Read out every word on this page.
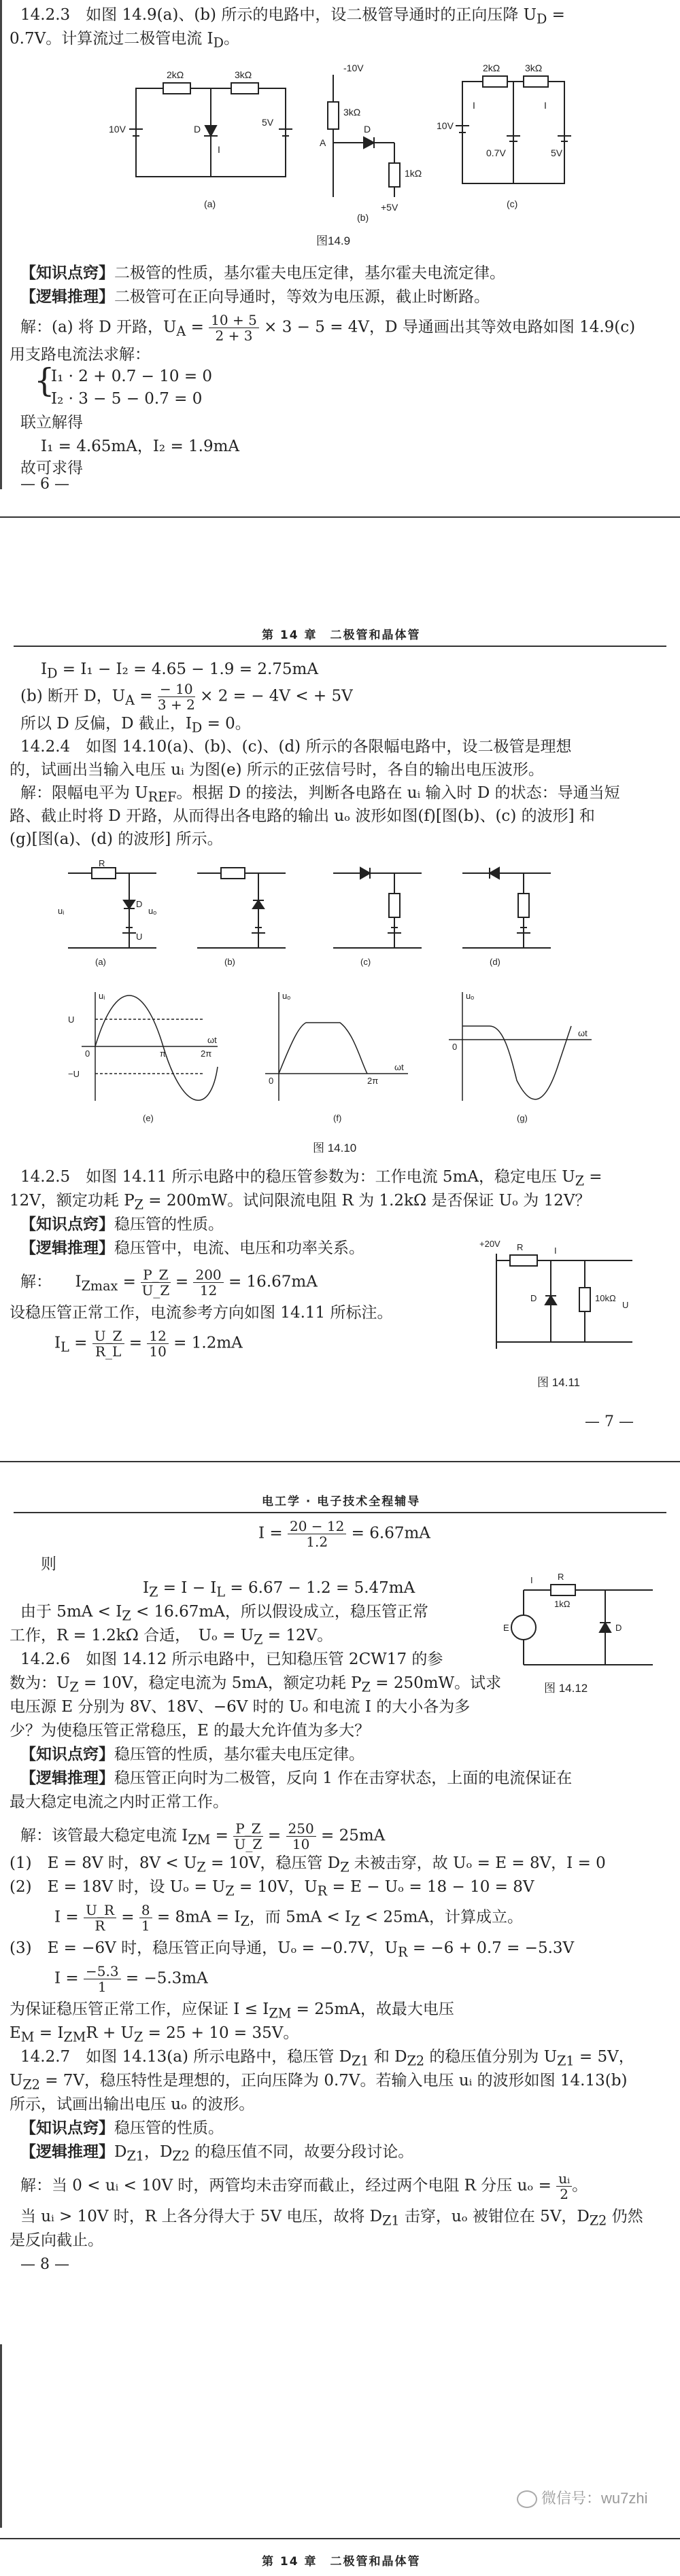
14.2.3　如图 14.9(a)、(b) 所示的电路中，设二极管导通时的正向压降 $U_D$ =
0.7V。计算流过二极管电流 $I_D$。
2kΩ	3kΩ
10V
5V
D
I
(a)
-10V
3kΩ
A
D
1kΩ
+5V
(b)
2kΩ	3kΩ
10V
0.7V	5V
I	I
(c)
图14.9
【知识点窍】二极管的性质，基尔霍夫电压定律，基尔霍夫电流定律。
【逻辑推理】二极管可在正向导通时，等效为电压源，截止时断路。
解：(a) 将 D 开路，$U_A = \frac{10 + 5}{2 + 3} \times 3 - 5 = 4V$，D 导通画出其等效电路如图 14.9(c)
用支路电流法求解：
{
I₁ · 2 + 0.7 − 10 = 0
I₂ · 3 − 5 − 0.7 = 0
联立解得
I₁ = 4.65mA，I₂ = 1.9mA
故可求得
— 6 —
第 14 章　二极管和晶体管
$I_D = I_1 - I_2 = 4.65 - 1.9 = 2.75mA$
(b) 断开 D，$U_A = \frac{- 10}{3 + 2} \times 2$ = − 4V < + 5V
所以 D 反偏，D 截止，$I_D = 0$。
14.2.4　如图 14.10(a)、(b)、(c)、(d) 所示的各限幅电路中，设二极管是理想
的，试画出当输入电压 uᵢ 为图(e) 所示的正弦信号时，各自的输出电压波形。
解：限幅电平为 $U_{REF}$。根据 D 的接法，判断各电路在 uᵢ 输入时 D 的状态：导通当短
路、截止时将 D 开路，从而得出各电路的输出 uₒ 波形如图(f)[图(b)、(c) 的波形] 和
(g)[图(a)、(d) 的波形] 所示。
R
D
uᵢ	uₒ
(a)	(b)	(c)	(d)
U
uᵢ
U
−U
0	π	2π
ωt
(e)
uₒ
0	2π
ωt
(f)
uₒ
0
ωt
(g)
图 14.10
14.2.5　如图 14.11 所示电路中的稳压管参数为：工作电流 5mA，稳定电压 $U_Z$ =
12V，额定功耗 $P_Z = 200mW$。试问限流电阻 R 为 1.2kΩ 是否保证 Uₒ 为 12V？
【知识点窍】稳压管的性质。
【逻辑推理】稳压管中，电流、电压和功率关系。
解：　　 $I_{Zmax} = \frac{P\_Z}{U\_Z} = \frac{200}{12} = 16.67mA$
设稳压管正常工作，电流参考方向如图 14.11 所标注。
$I_L = \frac{U\_Z}{R\_L} = \frac{12}{10} = 1.2mA$
+20V R	I
D	10kΩ
U
图 14.11
— 7 —
电工学 · 电子技术全程辅导
$I = \frac{20 - 12}{1.2} = 6.67mA$
则
$I_Z = I - I_L = 6.67 - 1.2 = 5.47mA$
由于 $5mA < I_Z < 16.67mA$，所以假设成立，稳压管正常
工作，R = 1.2kΩ 合适，　$U_o = U_Z = 12V$。
I	R
1kΩ
E	D
图 14.12
14.2.6　如图 14.12 所示电路中，已知稳压管 2CW17 的参
数为：$U_Z = 10V$，稳定电流为 5mA，额定功耗 $P_Z = 250mW$。试求
电压源 E 分别为 8V、18V、−6V 时的 Uₒ 和电流 I 的大小各为多
少？为使稳压管正常稳压，E 的最大允许值为多大？
【知识点窍】稳压管的性质，基尔霍夫电压定律。
【逻辑推理】稳压管正向时为二极管，反向 1 作在击穿状态，上面的电流保证在
最大稳定电流之内时正常工作。
解：该管最大稳定电流 $I_{ZM} = \frac{P\_Z}{U\_Z} = \frac{250}{10} = 25mA$
(1)　E = 8V 时，$8V < U_Z = 10V$，稳压管 $D_Z$ 未被击穿，故 Uₒ = E = 8V，I = 0
(2)　E = 18V 时，设 $U_o = U_Z = 10V$，$U_R = E - U_o = 18 - 10 = 8V$
$I = \frac{U\_R}{R} = \frac{8}{1} = 8mA = I_Z$，而 $5mA < I_Z < 25mA$，计算成立。
(3)　E = −6V 时，稳压管正向导通，Uₒ = −0.7V，$U_R = -6 + 0.7 = -5.3V$
$I = \frac{-5.3}{1} = -5.3mA$
为保证稳压管正常工作，应保证 $I \le I_{ZM} = 25mA$，故最大电压
$E_M = I_{ZM}R + U_Z = 25 + 10 = 35V$。
14.2.7　如图 14.13(a) 所示电路中，稳压管 $D_{Z1}$ 和 $D_{Z2}$ 的稳压值分别为 $U_{Z1} = 5V$，
$U_{Z2} = 7V$，稳压特性是理想的，正向压降为 0.7V。若输入电压 uᵢ 的波形如图 14.13(b)
所示，试画出输出电压 uₒ 的波形。
【知识点窍】稳压管的性质。
【逻辑推理】$D_{Z1}$，$D_{Z2}$ 的稳压值不同，故要分段讨论。
解：当 0 < uᵢ < 10V 时，两管均未击穿而截止，经过两个电阻 R 分压 $u_o = \frac{\text{uᵢ}}{2}$ 。
当 uᵢ > 10V 时，R 上各分得大于 5V 电压，故将 $D_{Z1}$ 击穿，uₒ 被钳位在 5V，$D_{Z2}$ 仍然
是反向截止。
— 8 —
微信号：wu7zhi
第 14 章　二极管和晶体管
